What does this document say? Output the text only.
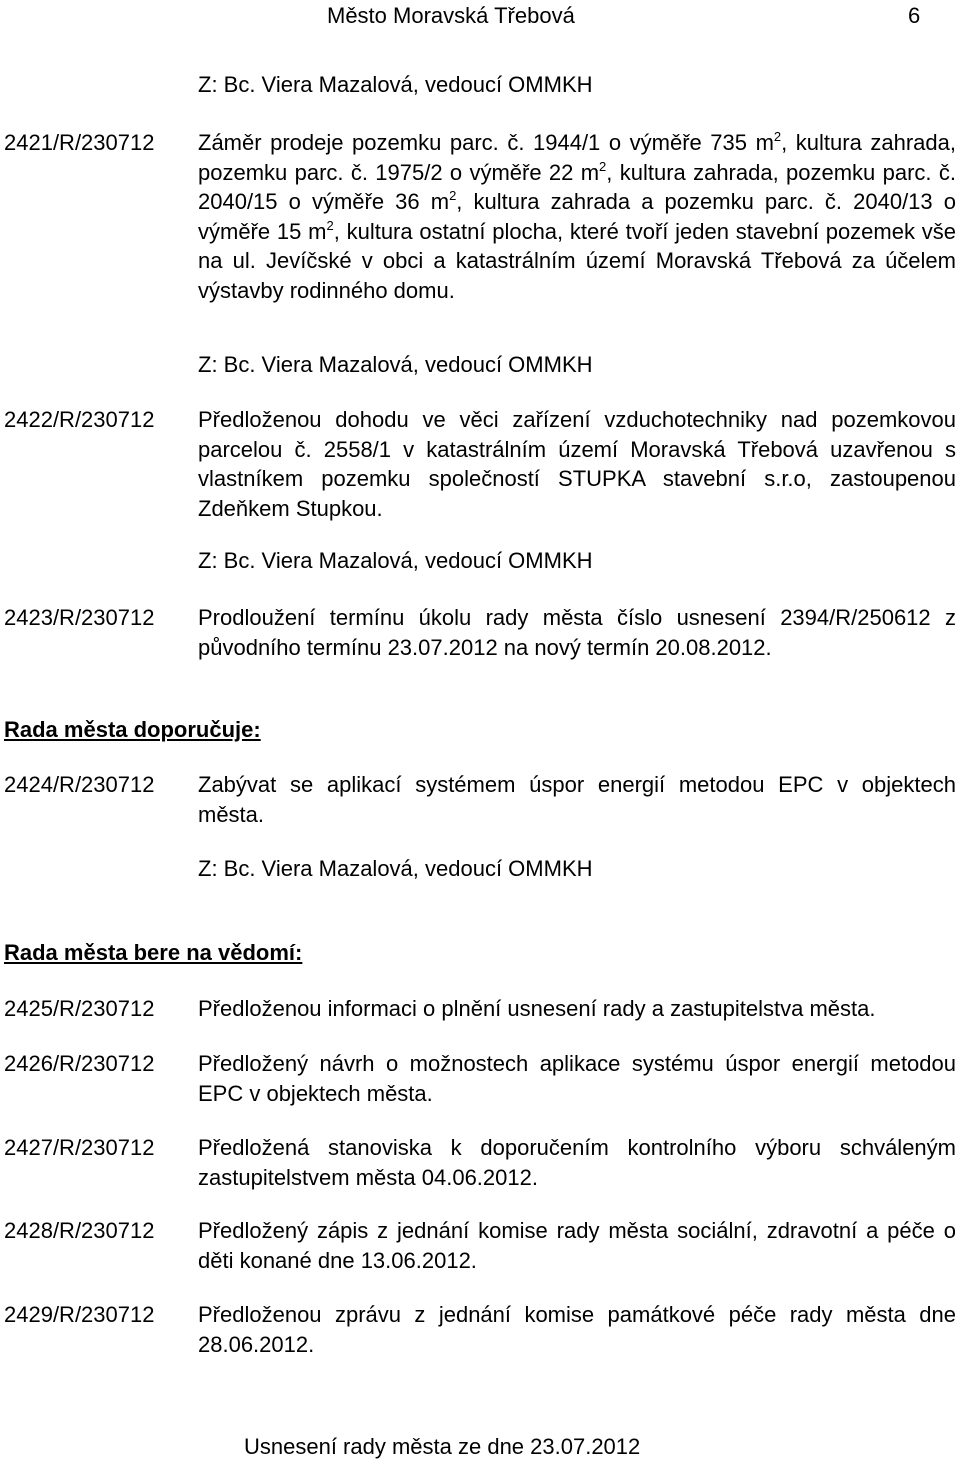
Město Moravská Třebová	6
Z: Bc. Viera Mazalová, vedoucí OMMKH
2421/R/230712 Záměr prodeje pozemku parc. č. 1944/1 o výměře 735 $m^2$, kultura zahrada, pozemku parc. č. 1975/2 o výměře 22 $m^2$, kultura zahrada, pozemku parc. č. 2040/15 o výměře 36 $m^2$, kultura zahrada a pozemku parc. č. 2040/13 o výměře 15 $m^2$, kultura ostatní plocha, které tvoří jeden stavební pozemek vše na ul. Jevíčské v obci a katastrálním území Moravská Třebová za účelem výstavby rodinného domu.
Z: Bc. Viera Mazalová, vedoucí OMMKH
2422/R/230712 Předloženou dohodu ve věci zařízení vzduchotechniky nad pozemkovou parcelou č. 2558/1 v katastrálním území Moravská Třebová uzavřenou s vlastníkem pozemku společností STUPKA stavební s.r.o, zastoupenou Zdeňkem Stupkou.
Z: Bc. Viera Mazalová, vedoucí OMMKH
2423/R/230712 Prodloužení termínu úkolu rady města číslo usnesení 2394/R/250612 z původního termínu 23.07.2012 na nový termín 20.08.2012.
Rada města doporučuje:
2424/R/230712 Zabývat se aplikací systémem úspor energií metodou EPC v objektech města.
Z: Bc. Viera Mazalová, vedoucí OMMKH
Rada města bere na vědomí:
2425/R/230712 Předloženou informaci o plnění usnesení rady a zastupitelstva města.
2426/R/230712 Předložený návrh o možnostech aplikace systému úspor energií metodou EPC v objektech města.
2427/R/230712 Předložená stanoviska k doporučením kontrolního výboru schváleným zastupitelstvem města 04.06.2012.
2428/R/230712 Předložený zápis z jednání komise rady města sociální, zdravotní a péče o děti konané dne 13.06.2012.
2429/R/230712 Předloženou zprávu z jednání komise památkové péče rady města dne 28.06.2012.
Usnesení rady města ze dne 23.07.2012
